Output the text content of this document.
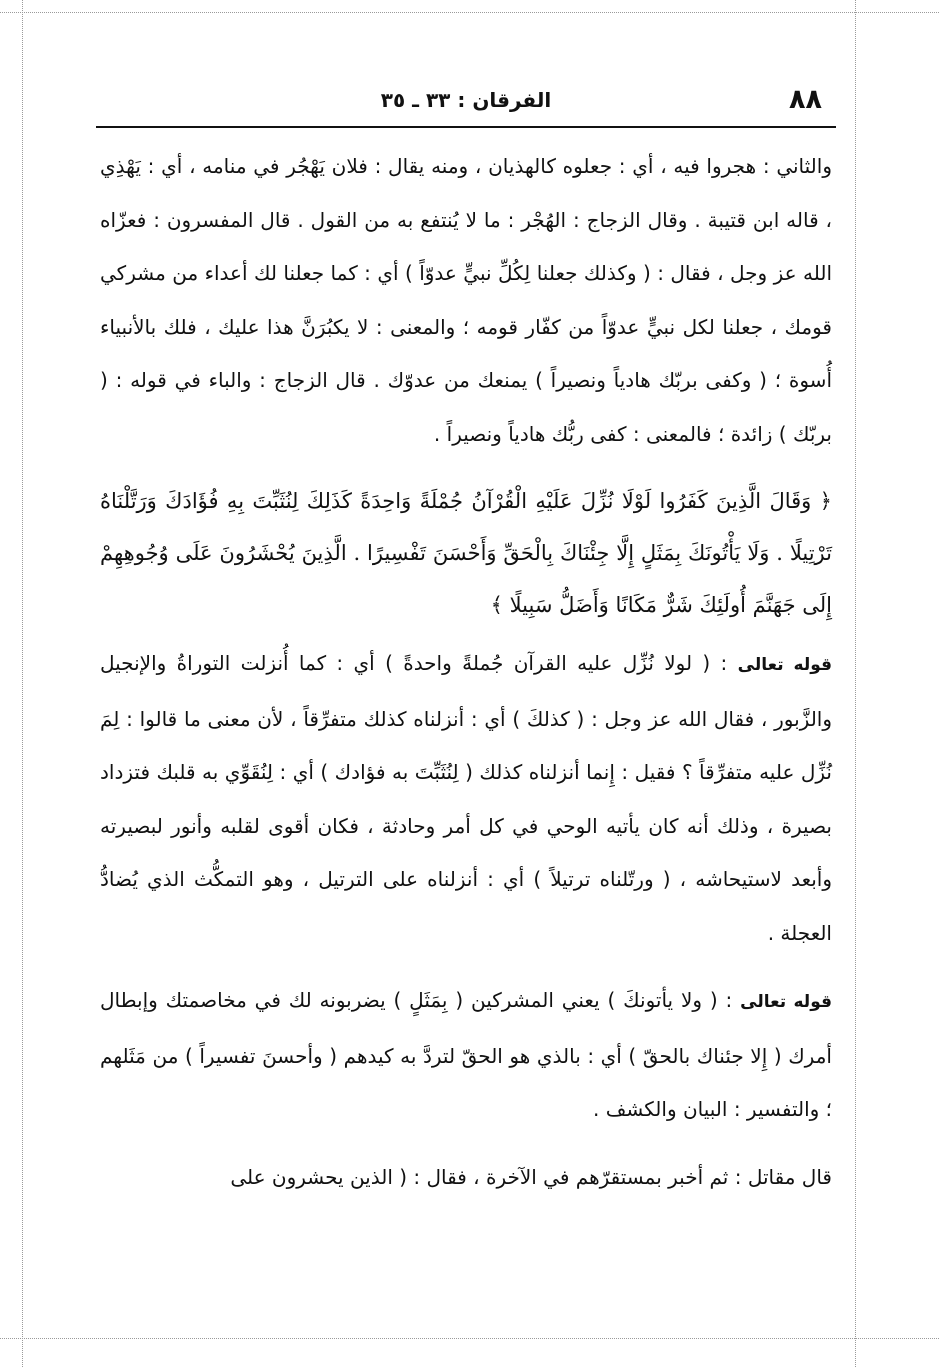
٨٨
الفرقان : ٣٣ ـ ٣٥

والثاني : هجروا فيه ، أي : جعلوه كالهذيان ، ومنه يقال : فلان يَهْجُر في منامه ، أي : يَهْذِي ، قاله ابن قتيبة . وقال الزجاج : الهُجْر : ما لا يُنتفع به من القول . قال المفسرون : فعزّاه الله عز وجل ، فقال : ( وكذلك جعلنا لِكُلِّ نبيٍّ عدوّاً ) أي : كما جعلنا لك أعداء من مشركي قومك ، جعلنا لكل نبيٍّ عدوّاً من كفّار قومه ؛ والمعنى : لا يكبُرَنَّ هذا عليك ، فلك بالأنبياء أُسوة ؛ ( وكفى بربّك هادياً ونصيراً ) يمنعك من عدوّك . قال الزجاج : والباء في قوله : ( بربّك ) زائدة ؛ فالمعنى : كفى ربُّك هادياً ونصيراً .

﴿ وَقَالَ الَّذِينَ كَفَرُوا لَوْلَا نُزِّلَ عَلَيْهِ الْقُرْآنُ جُمْلَةً وَاحِدَةً كَذَلِكَ لِنُثَبِّتَ بِهِ فُؤَادَكَ وَرَتَّلْنَاهُ تَرْتِيلًا . وَلَا يَأْتُونَكَ بِمَثَلٍ إِلَّا جِئْنَاكَ بِالْحَقِّ وَأَحْسَنَ تَفْسِيرًا . الَّذِينَ يُحْشَرُونَ عَلَى وُجُوهِهِمْ إِلَى جَهَنَّمَ أُولَئِكَ شَرٌّ مَكَانًا وَأَضَلُّ سَبِيلًا ﴾

قوله تعالى : ( لولا نُزِّل عليه القرآن جُملةً واحدةً ) أي : كما أُنزلت التوراةُ والإنجيل والزَّبور ، فقال الله عز وجل : ( كذلكَ ) أي : أنزلناه كذلك متفرِّقاً ، لأن معنى ما قالوا : لِمَ نُزِّل عليه متفرِّقاً ؟ فقيل : إِنما أنزلناه كذلك ( لِنُثَبِّتَ به فؤادك ) أي : لِنُقَوِّي به قلبك فتزداد بصيرة ، وذلك أنه كان يأتيه الوحي في كل أمر وحادثة ، فكان أقوى لقلبه وأنور لبصيرته وأبعد لاستيحاشه ، ( ورتّلناه ترتيلاً ) أي : أنزلناه على الترتيل ، وهو التمكُّث الذي يُضادُّ العجلة .

قوله تعالى : ( ولا يأتونكَ ) يعني المشركين ( بِمَثَلٍ ) يضربونه لك في مخاصمتك وإبطال أمرك ( إِلا جئناك بالحقّ ) أي : بالذي هو الحقّ لتردَّ به كيدهم ( وأحسنَ تفسيراً ) من مَثَلهم ؛ والتفسير : البيان والكشف .

قال مقاتل : ثم أخبر بمستقرّهم في الآخرة ، فقال : ( الذين يحشرون على
